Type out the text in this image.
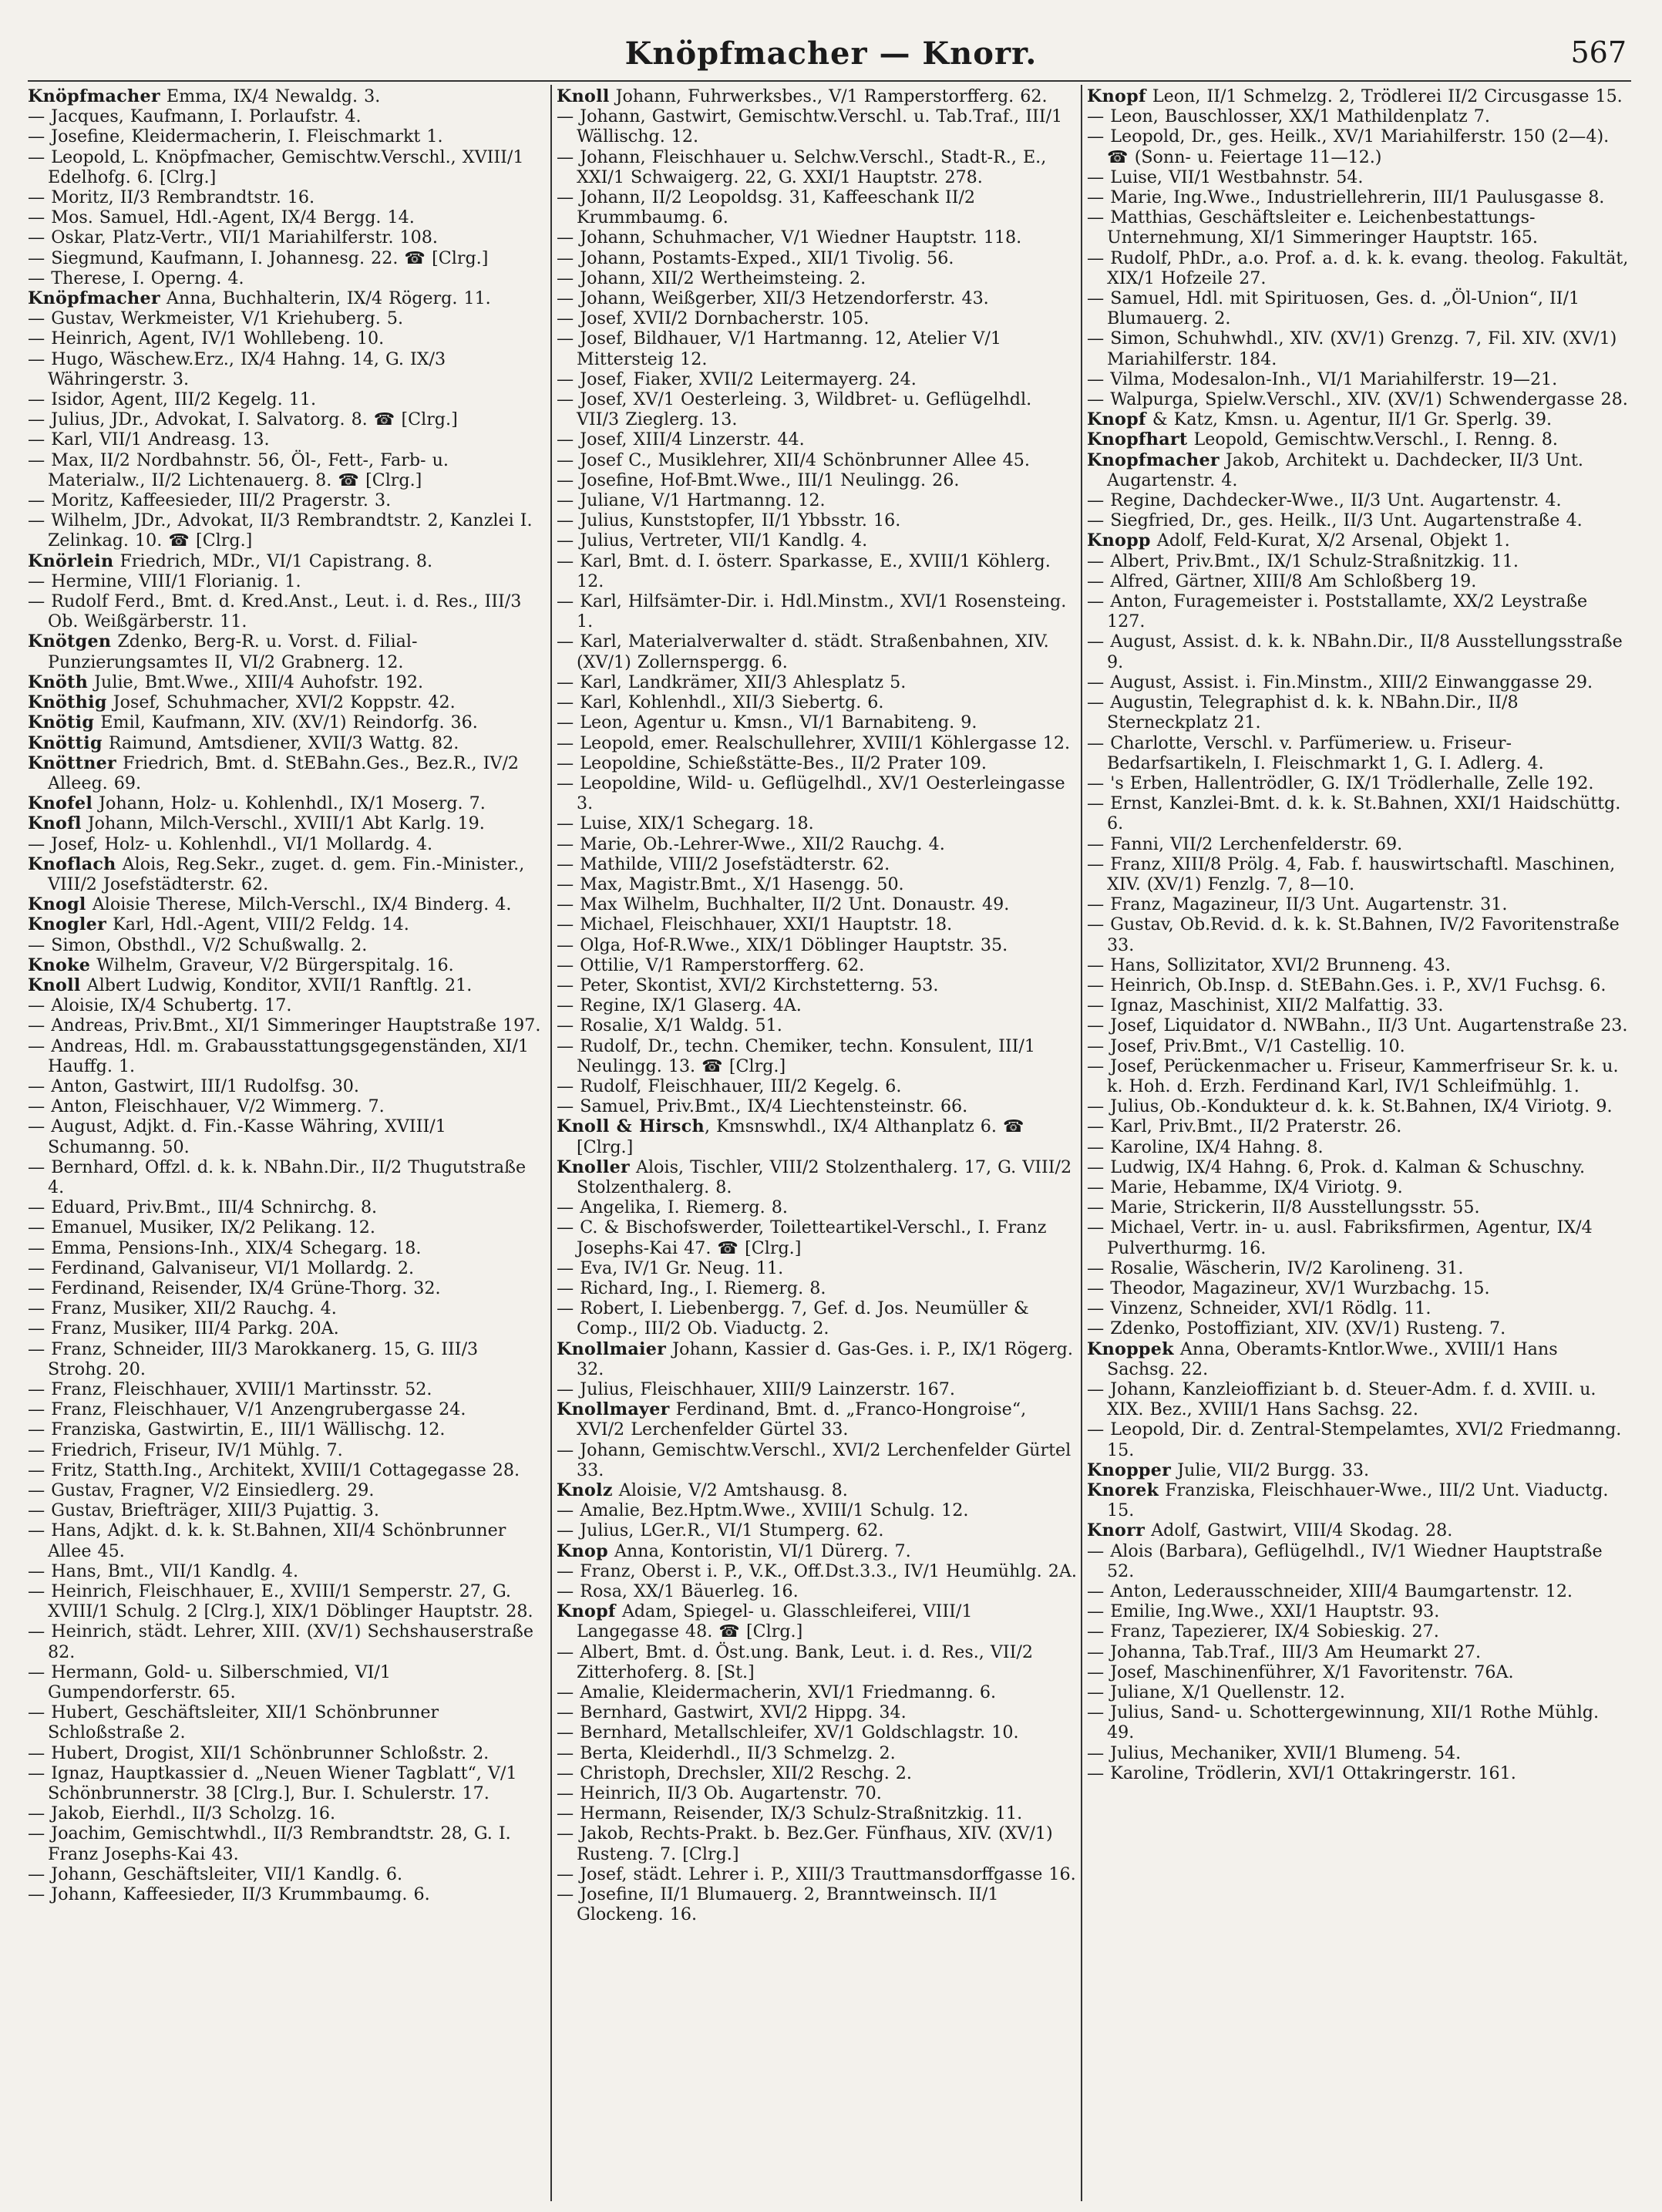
Knöpfmacher — Knorr.	567
Knöpfmacher Emma, IX/4 Newaldg. 3.
— Jacques, Kaufmann, I. Porlaufstr. 4.
— Josefine, Kleidermacherin, I. Fleischmarkt 1.
— Leopold, L. Knöpfmacher, Gemischtw.Verschl., XVIII/1 Edelhofg. 6. [Clrg.]
— Moritz, II/3 Rembrandtstr. 16.
— Mos. Samuel, Hdl.-Agent, IX/4 Bergg. 14.
— Oskar, Platz-Vertr., VII/1 Mariahilferstr. 108.
— Siegmund, Kaufmann, I. Johannesg. 22. ☎ [Clrg.]
— Therese, I. Operng. 4.
Knöpfmacher Anna, Buchhalterin, IX/4 Rögerg. 11.
— Gustav, Werkmeister, V/1 Kriehuberg. 5.
— Heinrich, Agent, IV/1 Wohllebeng. 10.
— Hugo, Wäschew.Erz., IX/4 Hahng. 14, G. IX/3 Währingerstr. 3.
— Isidor, Agent, III/2 Kegelg. 11.
— Julius, JDr., Advokat, I. Salvatorg. 8. ☎ [Clrg.]
— Karl, VII/1 Andreasg. 13.
— Max, II/2 Nordbahnstr. 56, Öl-, Fett-, Farb- u. Materialw., II/2 Lichtenauerg. 8. ☎ [Clrg.]
— Moritz, Kaffeesieder, III/2 Pragerstr. 3.
— Wilhelm, JDr., Advokat, II/3 Rembrandtstr. 2, Kanzlei I. Zelinkag. 10. ☎ [Clrg.]
Knörlein Friedrich, MDr., VI/1 Capistrang. 8.
— Hermine, VIII/1 Florianig. 1.
— Rudolf Ferd., Bmt. d. Kred.Anst., Leut. i. d. Res., III/3 Ob. Weißgärberstr. 11.
Knötgen Zdenko, Berg-R. u. Vorst. d. Filial-Punzierungsamtes II, VI/2 Grabnerg. 12.
Knöth Julie, Bmt.Wwe., XIII/4 Auhofstr. 192.
Knöthig Josef, Schuhmacher, XVI/2 Koppstr. 42.
Knötig Emil, Kaufmann, XIV. (XV/1) Reindorfg. 36.
Knöttig Raimund, Amtsdiener, XVII/3 Wattg. 82.
Knöttner Friedrich, Bmt. d. StEBahn.Ges., Bez.R., IV/2 Alleeg. 69.
Knofel Johann, Holz- u. Kohlenhdl., IX/1 Moserg. 7.
Knofl Johann, Milch-Verschl., XVIII/1 Abt Karlg. 19.
— Josef, Holz- u. Kohlenhdl., VI/1 Mollardg. 4.
Knoflach Alois, Reg.Sekr., zuget. d. gem. Fin.-Minister., VIII/2 Josefstädterstr. 62.
Knogl Aloisie Therese, Milch-Verschl., IX/4 Binderg. 4.
Knogler Karl, Hdl.-Agent, VIII/2 Feldg. 14.
— Simon, Obsthdl., V/2 Schußwallg. 2.
Knoke Wilhelm, Graveur, V/2 Bürgerspitalg. 16.
Knoll Albert Ludwig, Konditor, XVII/1 Ranftlg. 21.
— Aloisie, IX/4 Schubertg. 17.
— Andreas, Priv.Bmt., XI/1 Simmeringer Hauptstraße 197.
— Andreas, Hdl. m. Grabausstattungsgegenständen, XI/1 Hauffg. 1.
— Anton, Gastwirt, III/1 Rudolfsg. 30.
— Anton, Fleischhauer, V/2 Wimmerg. 7.
— August, Adjkt. d. Fin.-Kasse Währing, XVIII/1 Schumanng. 50.
— Bernhard, Offzl. d. k. k. NBahn.Dir., II/2 Thugutstraße 4.
— Eduard, Priv.Bmt., III/4 Schnirchg. 8.
— Emanuel, Musiker, IX/2 Pelikang. 12.
— Emma, Pensions-Inh., XIX/4 Schegarg. 18.
— Ferdinand, Galvaniseur, VI/1 Mollardg. 2.
— Ferdinand, Reisender, IX/4 Grüne-Thorg. 32.
— Franz, Musiker, XII/2 Rauchg. 4.
— Franz, Musiker, III/4 Parkg. 20A.
— Franz, Schneider, III/3 Marokkanerg. 15, G. III/3 Strohg. 20.
— Franz, Fleischhauer, XVIII/1 Martinsstr. 52.
— Franz, Fleischhauer, V/1 Anzengrubergasse 24.
— Franziska, Gastwirtin, E., III/1 Wällischg. 12.
— Friedrich, Friseur, IV/1 Mühlg. 7.
— Fritz, Statth.Ing., Architekt, XVIII/1 Cottagegasse 28.
— Gustav, Fragner, V/2 Einsiedlerg. 29.
— Gustav, Briefträger, XIII/3 Pujattig. 3.
— Hans, Adjkt. d. k. k. St.Bahnen, XII/4 Schönbrunner Allee 45.
— Hans, Bmt., VII/1 Kandlg. 4.
— Heinrich, Fleischhauer, E., XVIII/1 Semperstr. 27, G. XVIII/1 Schulg. 2 [Clrg.], XIX/1 Döblinger Hauptstr. 28.
— Heinrich, städt. Lehrer, XIII. (XV/1) Sechshauserstraße 82.
— Hermann, Gold- u. Silberschmied, VI/1 Gumpendorferstr. 65.
— Hubert, Geschäftsleiter, XII/1 Schönbrunner Schloßstraße 2.
— Hubert, Drogist, XII/1 Schönbrunner Schloßstr. 2.
— Ignaz, Hauptkassier d. „Neuen Wiener Tagblatt“, V/1 Schönbrunnerstr. 38 [Clrg.], Bur. I. Schulerstr. 17.
— Jakob, Eierhdl., II/3 Scholzg. 16.
— Joachim, Gemischtwhdl., II/3 Rembrandtstr. 28, G. I. Franz Josephs-Kai 43.
— Johann, Geschäftsleiter, VII/1 Kandlg. 6.
— Johann, Kaffeesieder, II/3 Krummbaumg. 6.
Knoll Johann, Fuhrwerksbes., V/1 Ramperstorfferg. 62.
— Johann, Gastwirt, Gemischtw.Verschl. u. Tab.Traf., III/1 Wällischg. 12.
— Johann, Fleischhauer u. Selchw.Verschl., Stadt-R., E., XXI/1 Schwaigerg. 22, G. XXI/1 Hauptstr. 278.
— Johann, II/2 Leopoldsg. 31, Kaffeeschank II/2 Krummbaumg. 6.
— Johann, Schuhmacher, V/1 Wiedner Hauptstr. 118.
— Johann, Postamts-Exped., XII/1 Tivolig. 56.
— Johann, XII/2 Wertheimsteing. 2.
— Johann, Weißgerber, XII/3 Hetzendorferstr. 43.
— Josef, XVII/2 Dornbacherstr. 105.
— Josef, Bildhauer, V/1 Hartmanng. 12, Atelier V/1 Mittersteig 12.
— Josef, Fiaker, XVII/2 Leitermayerg. 24.
— Josef, XV/1 Oesterleing. 3, Wildbret- u. Geflügelhdl. VII/3 Zieglerg. 13.
— Josef, XIII/4 Linzerstr. 44.
— Josef C., Musiklehrer, XII/4 Schönbrunner Allee 45.
— Josefine, Hof-Bmt.Wwe., III/1 Neulingg. 26.
— Juliane, V/1 Hartmanng. 12.
— Julius, Kunststopfer, II/1 Ybbsstr. 16.
— Julius, Vertreter, VII/1 Kandlg. 4.
— Karl, Bmt. d. I. österr. Sparkasse, E., XVIII/1 Köhlerg. 12.
— Karl, Hilfsämter-Dir. i. Hdl.Minstm., XVI/1 Rosensteing. 1.
— Karl, Materialverwalter d. städt. Straßenbahnen, XIV. (XV/1) Zollernspergg. 6.
— Karl, Landkrämer, XII/3 Ahlesplatz 5.
— Karl, Kohlenhdl., XII/3 Siebertg. 6.
— Leon, Agentur u. Kmsn., VI/1 Barnabiteng. 9.
— Leopold, emer. Realschullehrer, XVIII/1 Köhlergasse 12.
— Leopoldine, Schießstätte-Bes., II/2 Prater 109.
— Leopoldine, Wild- u. Geflügelhdl., XV/1 Oesterleingasse 3.
— Luise, XIX/1 Schegarg. 18.
— Marie, Ob.-Lehrer-Wwe., XII/2 Rauchg. 4.
— Mathilde, VIII/2 Josefstädterstr. 62.
— Max, Magistr.Bmt., X/1 Hasengg. 50.
— Max Wilhelm, Buchhalter, II/2 Unt. Donaustr. 49.
— Michael, Fleischhauer, XXI/1 Hauptstr. 18.
— Olga, Hof-R.Wwe., XIX/1 Döblinger Hauptstr. 35.
— Ottilie, V/1 Ramperstorfferg. 62.
— Peter, Skontist, XVI/2 Kirchstetterng. 53.
— Regine, IX/1 Glaserg. 4A.
— Rosalie, X/1 Waldg. 51.
— Rudolf, Dr., techn. Chemiker, techn. Konsulent, III/1 Neulingg. 13. ☎ [Clrg.]
— Rudolf, Fleischhauer, III/2 Kegelg. 6.
— Samuel, Priv.Bmt., IX/4 Liechtensteinstr. 66.
Knoll & Hirsch, Kmsnswhdl., IX/4 Althanplatz 6. ☎ [Clrg.]
Knoller Alois, Tischler, VIII/2 Stolzenthalerg. 17, G. VIII/2 Stolzenthalerg. 8.
— Angelika, I. Riemerg. 8.
— C. & Bischofswerder, Toiletteartikel-Verschl., I. Franz Josephs-Kai 47. ☎ [Clrg.]
— Eva, IV/1 Gr. Neug. 11.
— Richard, Ing., I. Riemerg. 8.
— Robert, I. Liebenbergg. 7, Gef. d. Jos. Neumüller & Comp., III/2 Ob. Viaductg. 2.
Knollmaier Johann, Kassier d. Gas-Ges. i. P., IX/1 Rögerg. 32.
— Julius, Fleischhauer, XIII/9 Lainzerstr. 167.
Knollmayer Ferdinand, Bmt. d. „Franco-Hongroise“, XVI/2 Lerchenfelder Gürtel 33.
— Johann, Gemischtw.Verschl., XVI/2 Lerchenfelder Gürtel 33.
Knolz Aloisie, V/2 Amtshausg. 8.
— Amalie, Bez.Hptm.Wwe., XVIII/1 Schulg. 12.
— Julius, LGer.R., VI/1 Stumperg. 62.
Knop Anna, Kontoristin, VI/1 Dürerg. 7.
— Franz, Oberst i. P., V.K., Off.Dst.3.3., IV/1 Heumühlg. 2A.
— Rosa, XX/1 Bäuerleg. 16.
Knopf Adam, Spiegel- u. Glasschleiferei, VIII/1 Langegasse 48. ☎ [Clrg.]
— Albert, Bmt. d. Öst.ung. Bank, Leut. i. d. Res., VII/2 Zitterhoferg. 8. [St.]
— Amalie, Kleidermacherin, XVI/1 Friedmanng. 6.
— Bernhard, Gastwirt, XVI/2 Hippg. 34.
— Bernhard, Metallschleifer, XV/1 Goldschlagstr. 10.
— Berta, Kleiderhdl., II/3 Schmelzg. 2.
— Christoph, Drechsler, XII/2 Reschg. 2.
— Heinrich, II/3 Ob. Augartenstr. 70.
— Hermann, Reisender, IX/3 Schulz-Straßnitzkig. 11.
— Jakob, Rechts-Prakt. b. Bez.Ger. Fünfhaus, XIV. (XV/1) Rusteng. 7. [Clrg.]
— Josef, städt. Lehrer i. P., XIII/3 Trauttmansdorffgasse 16.
— Josefine, II/1 Blumauerg. 2, Branntweinsch. II/1 Glockeng. 16.
Knopf Leon, II/1 Schmelzg. 2, Trödlerei II/2 Circusgasse 15.
— Leon, Bauschlosser, XX/1 Mathildenplatz 7.
— Leopold, Dr., ges. Heilk., XV/1 Mariahilferstr. 150 (2—4). ☎ (Sonn- u. Feiertage 11—12.)
— Luise, VII/1 Westbahnstr. 54.
— Marie, Ing.Wwe., Industriellehrerin, III/1 Paulusgasse 8.
— Matthias, Geschäftsleiter e. Leichenbestattungs-Unternehmung, XI/1 Simmeringer Hauptstr. 165.
— Rudolf, PhDr., a.o. Prof. a. d. k. k. evang. theolog. Fakultät, XIX/1 Hofzeile 27.
— Samuel, Hdl. mit Spirituosen, Ges. d. „Öl-Union“, II/1 Blumauerg. 2.
— Simon, Schuhwhdl., XIV. (XV/1) Grenzg. 7, Fil. XIV. (XV/1) Mariahilferstr. 184.
— Vilma, Modesalon-Inh., VI/1 Mariahilferstr. 19—21.
— Walpurga, Spielw.Verschl., XIV. (XV/1) Schwendergasse 28.
Knopf & Katz, Kmsn. u. Agentur, II/1 Gr. Sperlg. 39.
Knopfhart Leopold, Gemischtw.Verschl., I. Renng. 8.
Knopfmacher Jakob, Architekt u. Dachdecker, II/3 Unt. Augartenstr. 4.
— Regine, Dachdecker-Wwe., II/3 Unt. Augartenstr. 4.
— Siegfried, Dr., ges. Heilk., II/3 Unt. Augartenstraße 4.
Knopp Adolf, Feld-Kurat, X/2 Arsenal, Objekt 1.
— Albert, Priv.Bmt., IX/1 Schulz-Straßnitzkig. 11.
— Alfred, Gärtner, XIII/8 Am Schloßberg 19.
— Anton, Furagemeister i. Poststallamte, XX/2 Leystraße 127.
— August, Assist. d. k. k. NBahn.Dir., II/8 Ausstellungsstraße 9.
— August, Assist. i. Fin.Minstm., XIII/2 Einwanggasse 29.
— Augustin, Telegraphist d. k. k. NBahn.Dir., II/8 Sterneckplatz 21.
— Charlotte, Verschl. v. Parfümeriew. u. Friseur-Bedarfsartikeln, I. Fleischmarkt 1, G. I. Adlerg. 4.
— 's Erben, Hallentrödler, G. IX/1 Trödlerhalle, Zelle 192.
— Ernst, Kanzlei-Bmt. d. k. k. St.Bahnen, XXI/1 Haidschüttg. 6.
— Fanni, VII/2 Lerchenfelderstr. 69.
— Franz, XIII/8 Prölg. 4, Fab. f. hauswirtschaftl. Maschinen, XIV. (XV/1) Fenzlg. 7, 8—10.
— Franz, Magazineur, II/3 Unt. Augartenstr. 31.
— Gustav, Ob.Revid. d. k. k. St.Bahnen, IV/2 Favoritenstraße 33.
— Hans, Sollizitator, XVI/2 Brunneng. 43.
— Heinrich, Ob.Insp. d. StEBahn.Ges. i. P., XV/1 Fuchsg. 6.
— Ignaz, Maschinist, XII/2 Malfattig. 33.
— Josef, Liquidator d. NWBahn., II/3 Unt. Augartenstraße 23.
— Josef, Priv.Bmt., V/1 Castellig. 10.
— Josef, Perückenmacher u. Friseur, Kammerfriseur Sr. k. u. k. Hoh. d. Erzh. Ferdinand Karl, IV/1 Schleifmühlg. 1.
— Julius, Ob.-Kondukteur d. k. k. St.Bahnen, IX/4 Viriotg. 9.
— Karl, Priv.Bmt., II/2 Praterstr. 26.
— Karoline, IX/4 Hahng. 8.
— Ludwig, IX/4 Hahng. 6, Prok. d. Kalman & Schuschny.
— Marie, Hebamme, IX/4 Viriotg. 9.
— Marie, Strickerin, II/8 Ausstellungsstr. 55.
— Michael, Vertr. in- u. ausl. Fabriksfirmen, Agentur, IX/4 Pulverthurmg. 16.
— Rosalie, Wäscherin, IV/2 Karolineng. 31.
— Theodor, Magazineur, XV/1 Wurzbachg. 15.
— Vinzenz, Schneider, XVI/1 Rödlg. 11.
— Zdenko, Postoffiziant, XIV. (XV/1) Rusteng. 7.
Knoppek Anna, Oberamts-Kntlor.Wwe., XVIII/1 Hans Sachsg. 22.
— Johann, Kanzleioffiziant b. d. Steuer-Adm. f. d. XVIII. u. XIX. Bez., XVIII/1 Hans Sachsg. 22.
— Leopold, Dir. d. Zentral-Stempelamtes, XVI/2 Friedmanng. 15.
Knopper Julie, VII/2 Burgg. 33.
Knorek Franziska, Fleischhauer-Wwe., III/2 Unt. Viaductg. 15.
Knorr Adolf, Gastwirt, VIII/4 Skodag. 28.
— Alois (Barbara), Geflügelhdl., IV/1 Wiedner Hauptstraße 52.
— Anton, Lederausschneider, XIII/4 Baumgartenstr. 12.
— Emilie, Ing.Wwe., XXI/1 Hauptstr. 93.
— Franz, Tapezierer, IX/4 Sobieskig. 27.
— Johanna, Tab.Traf., III/3 Am Heumarkt 27.
— Josef, Maschinenführer, X/1 Favoritenstr. 76A.
— Juliane, X/1 Quellenstr. 12.
— Julius, Sand- u. Schottergewinnung, XII/1 Rothe Mühlg. 49.
— Julius, Mechaniker, XVII/1 Blumeng. 54.
— Karoline, Trödlerin, XVI/1 Ottakringerstr. 161.
